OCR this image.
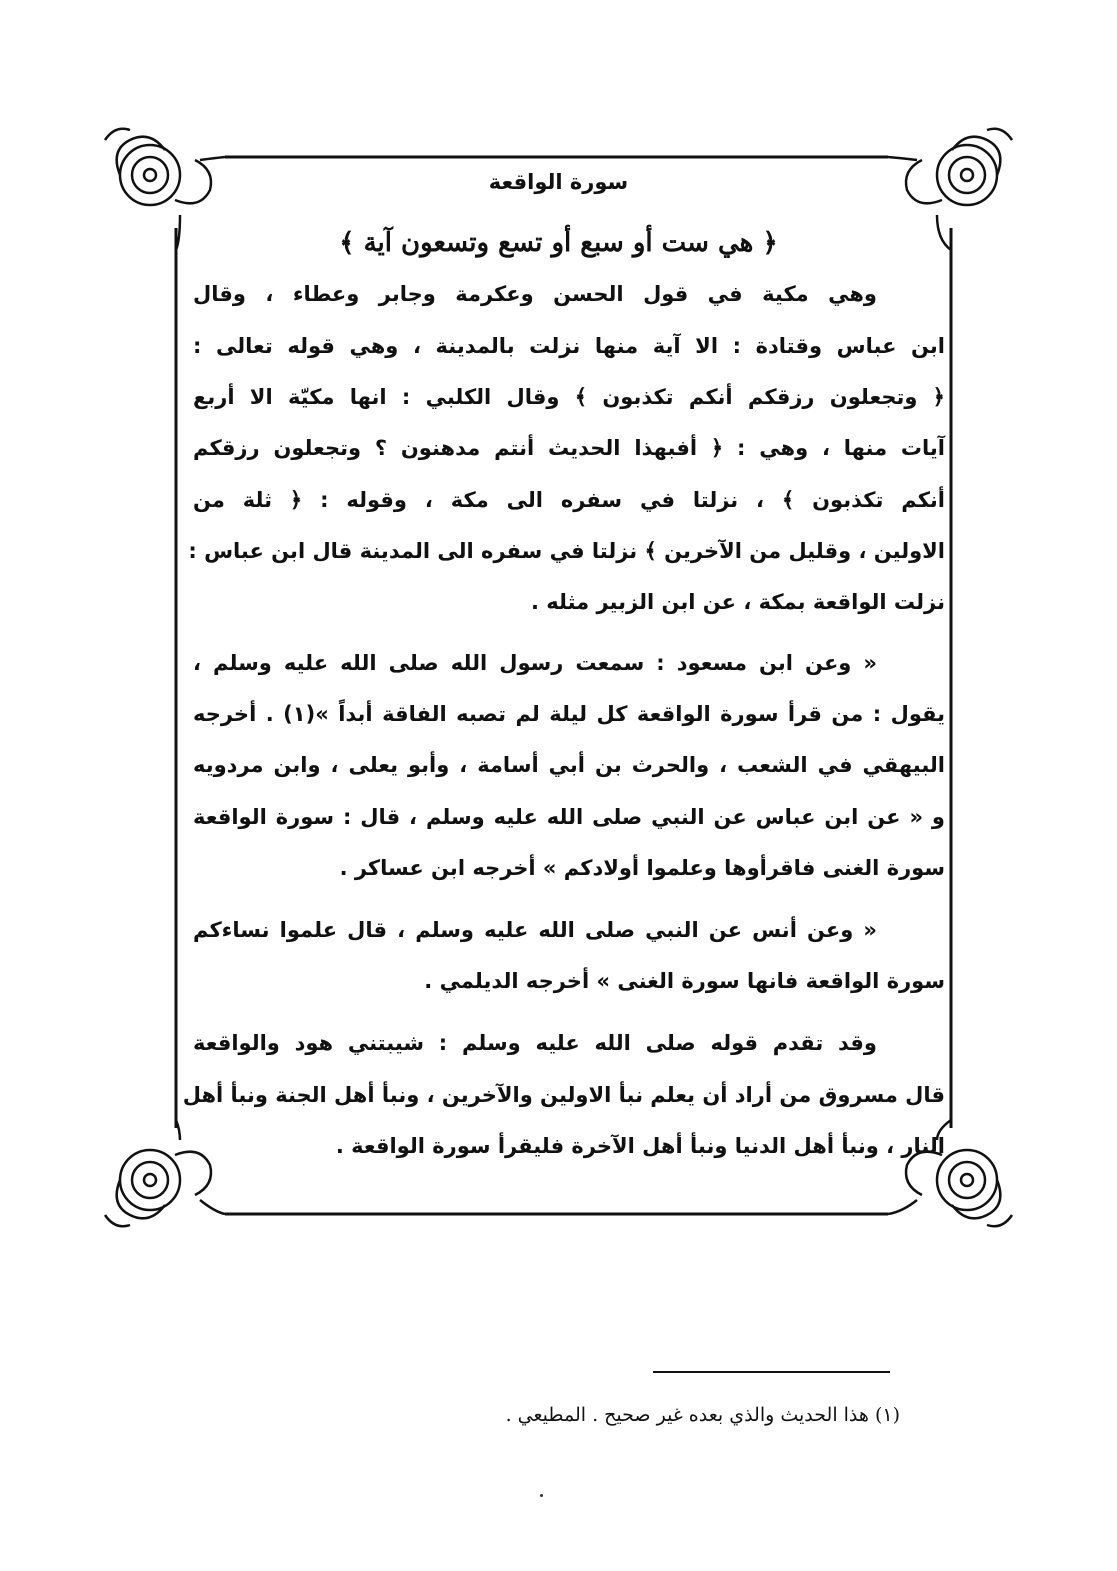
سورة الواقعة
﴿ هي ست أو سبع أو تسع وتسعون آية ﴾
وهي مكية في قول الحسن وعكرمة وجابر وعطاء ، وقال
ابن عباس وقتادة : الا آية منها نزلت بالمدينة ، وهي قوله تعالى :
﴿ وتجعلون رزقكم أنكم تكذبون ﴾ وقال الكلبي : انها مكيّة الا أربع
آيات منها ، وهي : ﴿ أفبهذا الحديث أنتم مدهنون ؟ وتجعلون رزقكم
أنكم تكذبون ﴾ ، نزلتا في سفره الى مكة ، وقوله : ﴿ ثلة من
الاولين ، وقليل من الآخرين ﴾ نزلتا في سفره الى المدينة قال ابن عباس :
نزلت الواقعة بمكة ، عن ابن الزبير مثله .
« وعن ابن مسعود : سمعت رسول الله صلى الله عليه وسلم ،
يقول : من قرأ سورة الواقعة كل ليلة لم تصبه الفاقة أبداً »(١) . أخرجه
البيهقي في الشعب ، والحرث بن أبي أسامة ، وأبو يعلى ، وابن مردويه
و « عن ابن عباس عن النبي صلى الله عليه وسلم ، قال : سورة الواقعة
سورة الغنى فاقرأوها وعلموا أولادكم » أخرجه ابن عساكر .
« وعن أنس عن النبي صلى الله عليه وسلم ، قال علموا نساءكم
سورة الواقعة فانها سورة الغنى » أخرجه الديلمي .
وقد تقدم قوله صلى الله عليه وسلم : شيبتني هود والواقعة
قال مسروق من أراد أن يعلم نبأ الاولين والآخرين ، ونبأ أهل الجنة ونبأ أهل
النار ، ونبأ أهل الدنيا ونبأ أهل الآخرة فليقرأ سورة الواقعة .
(١) هذا الحديث والذي بعده غير صحيح . المطيعي .
